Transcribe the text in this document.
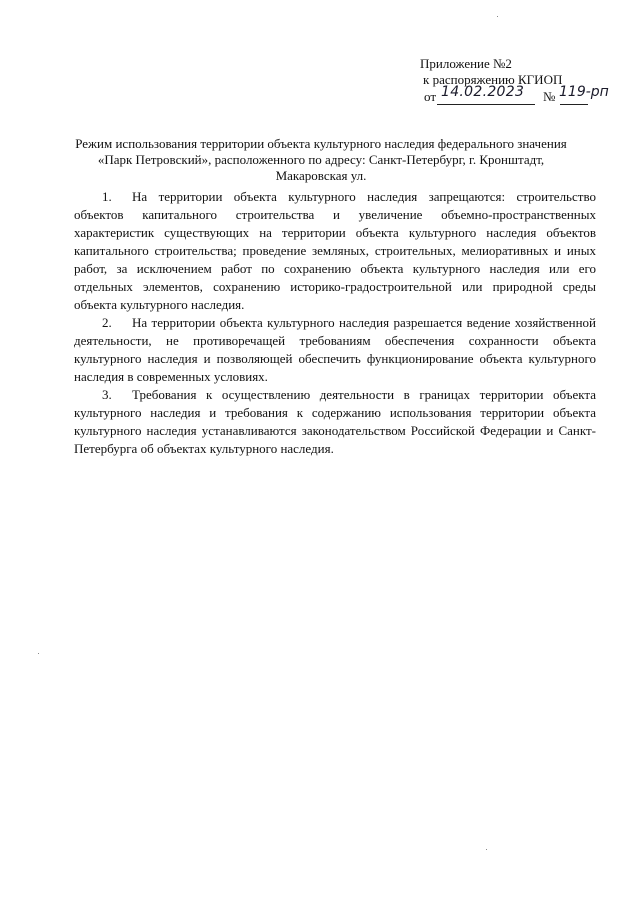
Приложение №2
к распоряжению КГИОП
от 14.02.2023 № 119-рп
Режим использования территории объекта культурного наследия федерального значения
«Парк Петровский», расположенного по адресу: Санкт-Петербург, г. Кронштадт,
Макаровская ул.

1. На территории объекта культурного наследия запрещаются: строительство объектов капитального строительства и увеличение объемно-пространственных характеристик существующих на территории объекта культурного наследия объектов капитального строительства; проведение земляных, строительных, мелиоративных и иных работ, за исключением работ по сохранению объекта культурного наследия или его отдельных элементов, сохранению историко-градостроительной или природной среды объекта культурного наследия.

2. На территории объекта культурного наследия разрешается ведение хозяйственной деятельности, не противоречащей требованиям обеспечения сохранности объекта культурного наследия и позволяющей обеспечить функционирование объекта культурного наследия в современных условиях.

3. Требования к осуществлению деятельности в границах территории объекта культурного наследия и требования к содержанию использования территории объекта культурного наследия устанавливаются законодательством Российской Федерации и Санкт-Петербурга об объектах культурного наследия.
